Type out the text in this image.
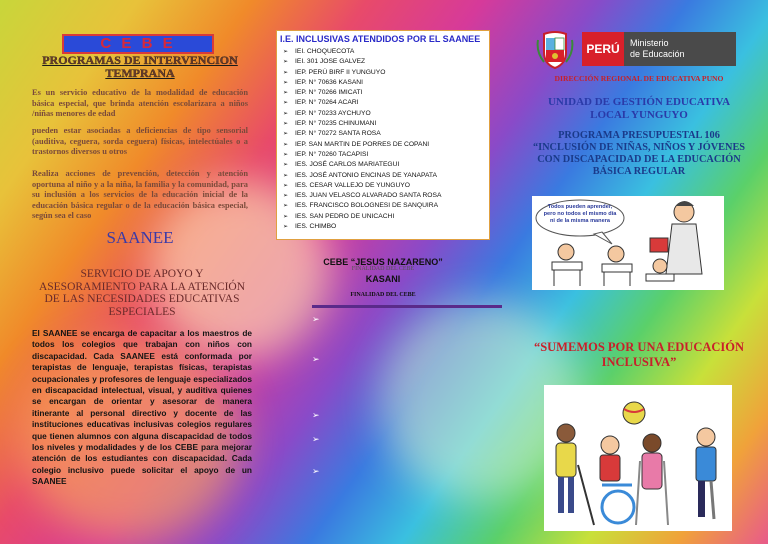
C E B E
PROGRAMAS DE INTERVENCION TEMPRANA
Es un servicio educativo de la modalidad de educación básica especial, que brinda atención escolarizara a niños /niñas menores de edad
pueden estar asociadas a deficiencias de tipo sensorial (auditiva, ceguera, sorda ceguera) físicas, intelectúales o a trastornos diversos u otros
Realiza acciones de prevención, detección y atención oportuna al niño y a la niña, la familia y la comunidad, para su inclusión a los servicios de la educación inicial de la educación básica regular o de la educación básica especial, según sea el caso
SAANEE
SERVICIO DE APOYO Y ASESORAMIENTO PARA LA ATENCIÓN DE LAS NECESIDADES EDUCATIVAS ESPECIALES
El SAANEE se encarga de capacitar a los maestros de todos los colegios que trabajan con niños con discapacidad. Cada SAANEE está conformada por terapistas de lenguaje, terapistas físicas, terapistas ocupacionales y profesores de lenguaje especializados en discapacidad intelectual, visual, y auditiva quienes se encargan de orientar y asesorar de manera itinerante al personal directivo y docente de las instituciones educativas inclusivas colegios regulares que tienen alumnos con alguna discapacidad de todos los niveles y modalidades y de los CEBE para mejorar atención de los estudiantes con discapacidad. Cada colegio inclusivo puede solicitar el apoyo de un SAANEE
I.E. INCLUSIVAS ATENDIDOS POR EL SAANEE
➢ IEI. CHOQUECOTA
➢ IEI. 301 JOSE GALVEZ
➢ IEP. PERÚ BIRF II YUNGUYO
➢ IEP. N° 70636 KASANI
➢ IEP. N° 70266 IMICATI
➢ IEP. N° 70264 ACARI
➢ IEP. N° 70233 AYCHUYO
➢ IEP. N° 70235 CHINUMANI
➢ IEP. N° 70272 SANTA ROSA
➢ IEP. SAN MARTIN DE PORRES DE COPANI
➢ IEP. N° 70260 TACAPISI
➢ IES. JOSÉ CARLOS MARIATEGUI
➢ IES. JOSÉ ANTONIO ENCINAS DE YANAPATA
➢ IES. CESAR VALLEJO DE YUNGUYO
➢ IES. JUAN VELASCO ALVARADO SANTA ROSA
➢ IES. FRANCISCO BOLOGNESI DE SANQUIRA
➢ IES. SAN PEDRO DE UNICACHI
➢ IES. CHIMBO
CEBE “JESUS NAZARENO”
FINALIDAD DEL CEBE
KASANI
FINALIDAD DEL CEBE
➢
➢
➢
➢
➢
PERÚ	Ministerio
de Educación
DIRECCIÓN REGIONAL DE EDUCATIVA PUNO
UNIDAD DE GESTIÓN EDUCATIVA LOCAL YUNGUYO
PROGRAMA PRESUPUESTAL 106 “INCLUSIÓN DE NIÑAS, NIÑOS Y JÓVENES CON DISCAPACIDAD DE LA EDUCACIÓN BÁSICA REGULAR
Todos pueden aprender, pero no todos el mismo día ni de la misma manera
“SUMEMOS POR UNA EDUCACIÓN INCLUSIVA”
